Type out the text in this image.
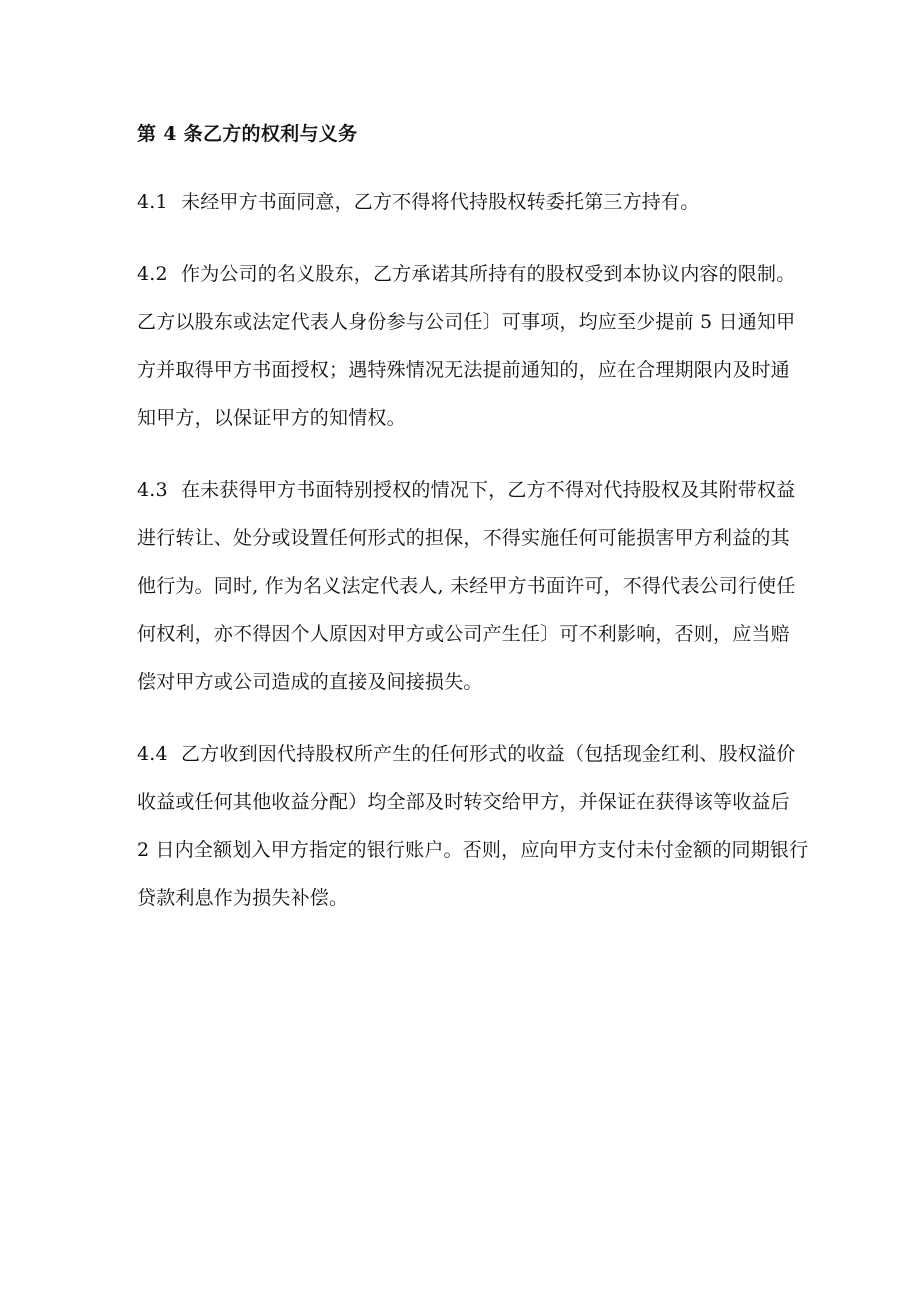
第 4 条乙方的权利与义务
4.1 未经甲方书面同意，乙方不得将代持股权转委托第三方持有。
4.2 作为公司的名义股东，乙方承诺其所持有的股权受到本协议内容的限制。
乙方以股东或法定代表人身份参与公司任〕可事项，均应至少提前 5 日通知甲
方并取得甲方书面授权；遇特殊情况无法提前通知的，应在合理期限内及时通
知甲方，以保证甲方的知情权。
4.3 在未获得甲方书面特别授权的情况下，乙方不得对代持股权及其附带权益
进行转让、处分或设置任何形式的担保，不得实施任何可能损害甲方利益的其
他行为。同时, 作为名义法定代表人, 未经甲方书面许可，不得代表公司行使任
何权利，亦不得因个人原因对甲方或公司产生任〕可不利影响，否则，应当赔
偿对甲方或公司造成的直接及间接损失。
4.4 乙方收到因代持股权所产生的任何形式的收益（包括现金红利、股权溢价
收益或任何其他收益分配）均全部及时转交给甲方，并保证在获得该等收益后
2 日内全额划入甲方指定的银行账户。否则，应向甲方支付未付金额的同期银行
贷款利息作为损失补偿。
